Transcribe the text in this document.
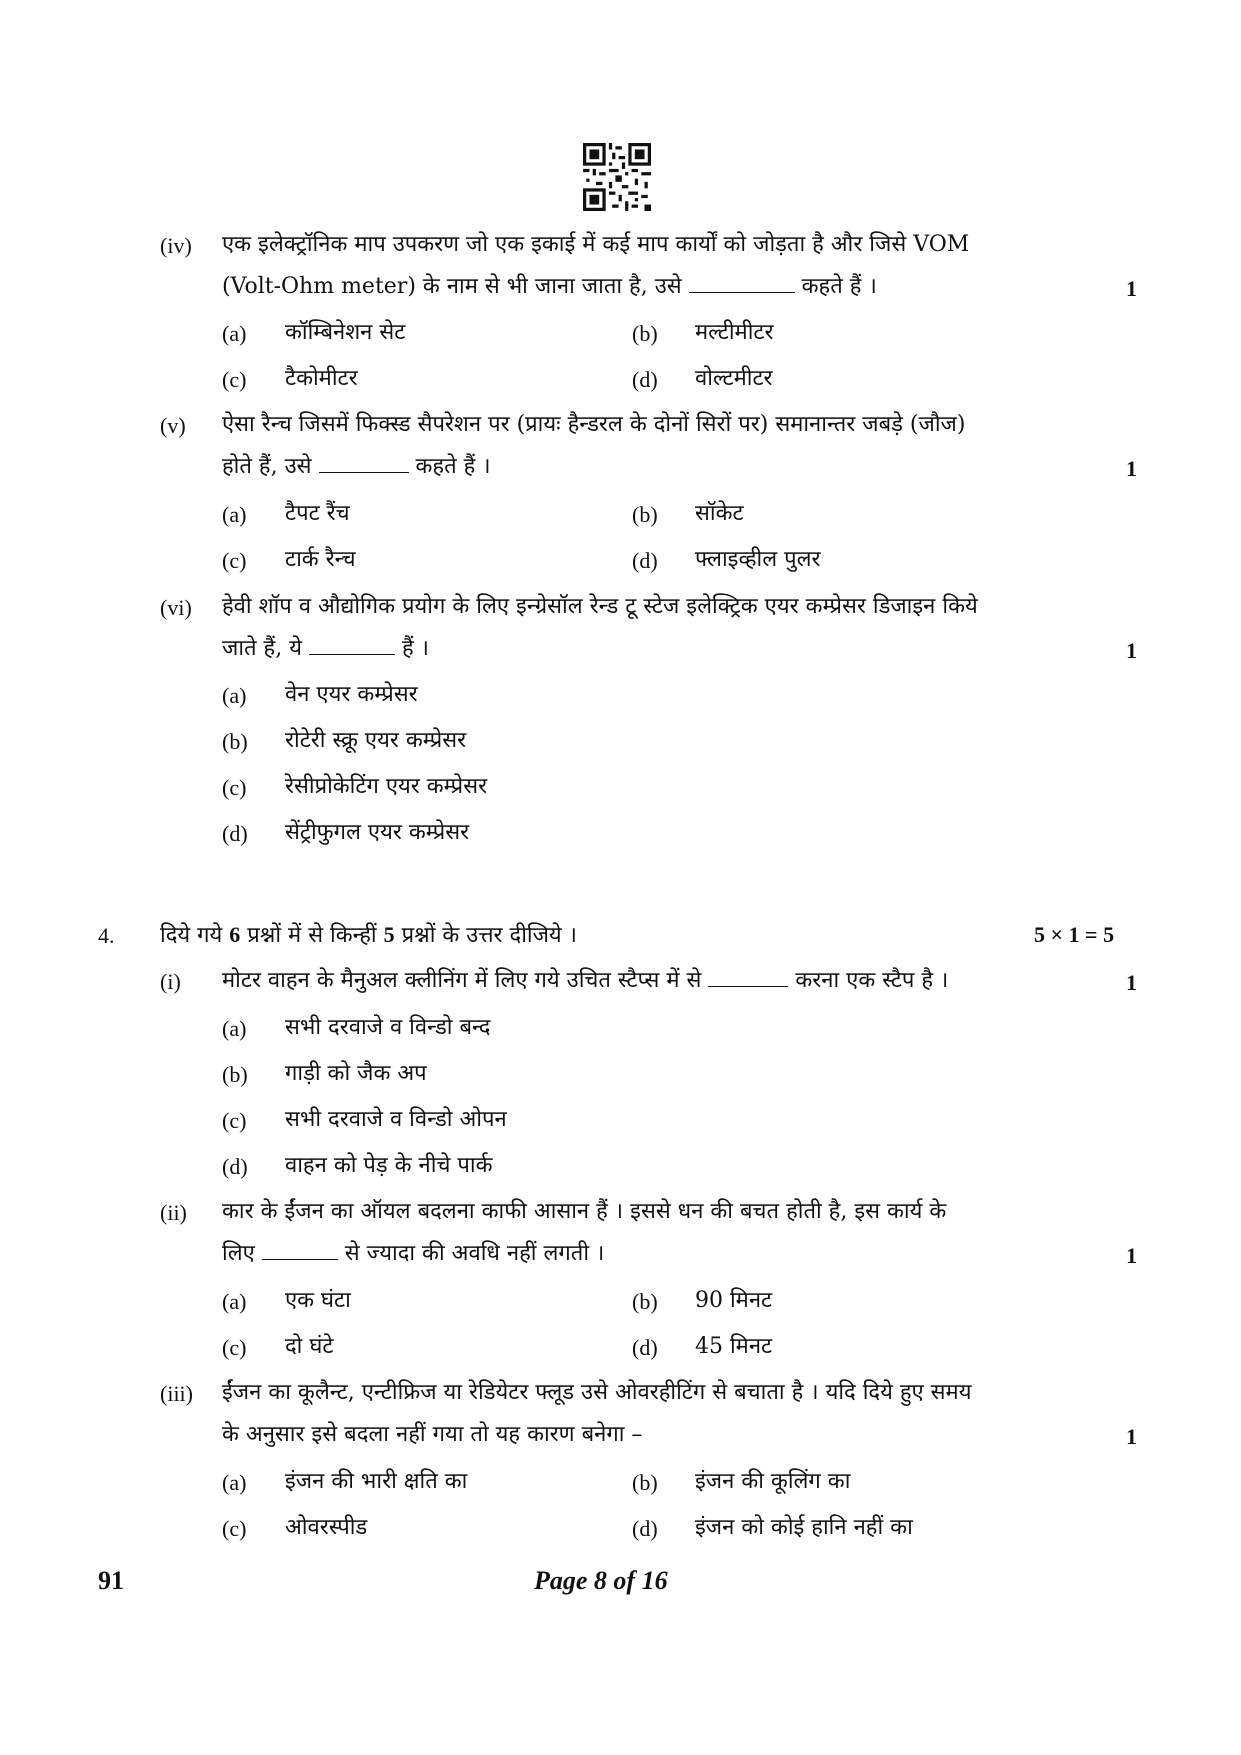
(iv) एक इलेक्ट्रॉनिक माप उपकरण जो एक इकाई में कई माप कार्यों को जोड़ता है और जिसे VOM
(Volt-Ohm meter) के नाम से भी जाना जाता है, उसे	कहते हैं ।	1
(a) कॉम्बिनेशन सेट	(b) मल्टीमीटर
(c) टैकोमीटर	(d) वोल्टमीटर
(v) ऐसा रैन्च जिसमें फिक्स्ड सैपरेशन पर (प्रायः हैन्डरल के दोनों सिरों पर) समानान्तर जबड़े (जौज)
होते हैं, उसे	कहते हैं ।	1
(a) टैपट रैंच	(b) सॉकेट
(c) टार्क रैन्च	(d) फ्लाइव्हील पुलर
(vi) हेवी शॉप व औद्योगिक प्रयोग के लिए इन्ग्रेसॉल रेन्ड टू स्टेज इलेक्ट्रिक एयर कम्प्रेसर डिजाइन किये
जाते हैं, ये	हैं ।	1
(a) वेन एयर कम्प्रेसर
(b) रोटेरी स्क्रू एयर कम्प्रेसर
(c) रेसीप्रोकेटिंग एयर कम्प्रेसर
(d) सेंट्रीफुगल एयर कम्प्रेसर
4. दिये गये 6 प्रश्नों में से किन्हीं 5 प्रश्नों के उत्तर दीजिये ।	5 × 1 = 5
(i) मोटर वाहन के मैनुअल क्लीनिंग में लिए गये उचित स्टैप्स में से	करना एक स्टैप है ।	1
(a) सभी दरवाजे व विन्डो बन्द
(b) गाड़ी को जैक अप
(c) सभी दरवाजे व विन्डो ओपन
(d) वाहन को पेड़ के नीचे पार्क
(ii) कार के ईंजन का ऑयल बदलना काफी आसान हैं । इससे धन की बचत होती है, इस कार्य के
लिए	से ज्यादा की अवधि नहीं लगती ।	1
(a) एक घंटा	(b) 90 मिनट
(c) दो घंटे	(d) 45 मिनट
(iii) ईंजन का कूलैन्ट, एन्टीफ्रिज या रेडियेटर फ्लूड उसे ओवरहीटिंग से बचाता है । यदि दिये हुए समय
के अनुसार इसे बदला नहीं गया तो यह कारण बनेगा –	1
(a) इंजन की भारी क्षति का	(b) इंजन की कूलिंग का
(c) ओवरस्पीड	(d) इंजन को कोई हानि नहीं का
91	Page 8 of 16
